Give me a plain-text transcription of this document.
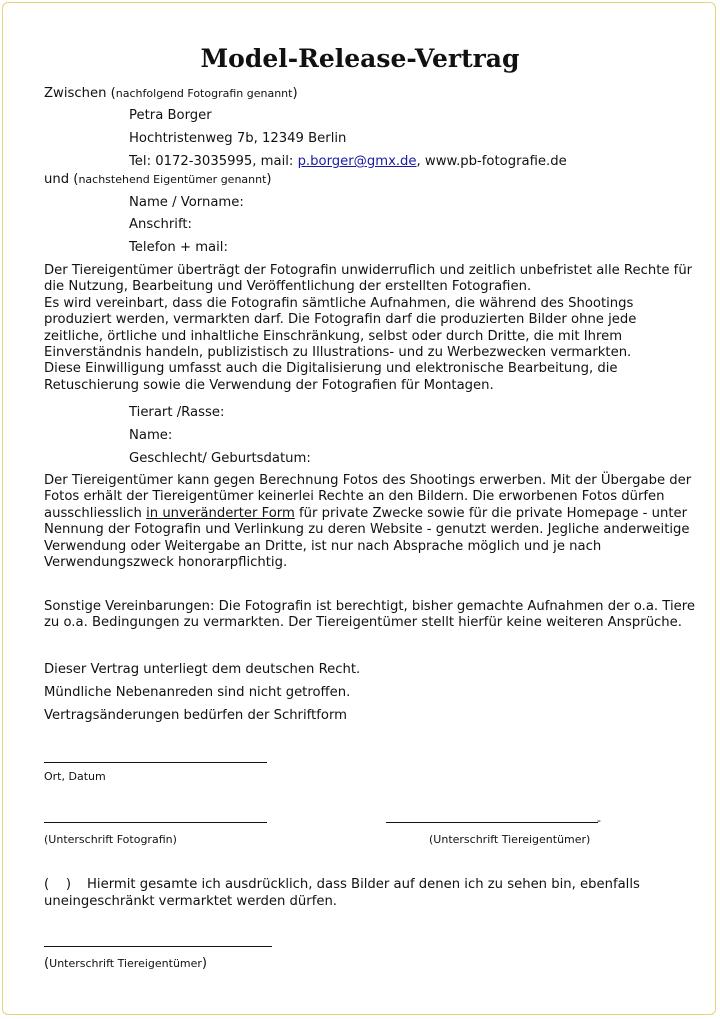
Model-Release-Vertrag
Zwischen (nachfolgend Fotografin genannt)
Petra Borger
Hochtristenweg 7b, 12349 Berlin
Tel: 0172-3035995, mail: p.borger@gmx.de, www.pb-fotografie.de
und (nachstehend Eigentümer genannt)
Name / Vorname:
Anschrift:
Telefon + mail:
Der Tiereigentümer überträgt der Fotografin unwiderruflich und zeitlich unbefristet alle Rechte für
die Nutzung, Bearbeitung und Veröffentlichung der erstellten Fotografien.
Es wird vereinbart, dass die Fotografin sämtliche Aufnahmen, die während des Shootings
produziert werden, vermarkten darf. Die Fotografin darf die produzierten Bilder ohne jede
zeitliche, örtliche und inhaltliche Einschränkung, selbst oder durch Dritte, die mit Ihrem
Einverständnis handeln, publizistisch zu Illustrations- und zu Werbezwecken vermarkten.
Diese Einwilligung umfasst auch die Digitalisierung und elektronische Bearbeitung, die
Retuschierung sowie die Verwendung der Fotografien für Montagen.
Tierart /Rasse:
Name:
Geschlecht/ Geburtsdatum:
Der Tiereigentümer kann gegen Berechnung Fotos des Shootings erwerben. Mit der Übergabe der
Fotos erhält der Tiereigentümer keinerlei Rechte an den Bildern. Die erworbenen Fotos dürfen
ausschliesslich in unveränderter Form für private Zwecke sowie für die private Homepage - unter
Nennung der Fotografin und Verlinkung zu deren Website - genutzt werden. Jegliche anderweitige
Verwendung oder Weitergabe an Dritte, ist nur nach Absprache möglich und je nach
Verwendungszweck honorarpflichtig.
Sonstige Vereinbarungen: Die Fotografin ist berechtigt, bisher gemachte Aufnahmen der o.a. Tiere
zu o.a. Bedingungen zu vermarkten. Der Tiereigentümer stellt hierfür keine weiteren Ansprüche.
Dieser Vertrag unterliegt dem deutschen Recht.
Mündliche Nebenanreden sind nicht getroffen.
Vertragsänderungen bedürfen der Schriftform
Ort, Datum
-
(Unterschrift Fotografin)	(Unterschrift Tiereigentümer)
(    ) Hiermit gesamte ich ausdrücklich, dass Bilder auf denen ich zu sehen bin, ebenfalls
uneingeschränkt vermarktet werden dürfen.
(Unterschrift Tiereigentümer)
